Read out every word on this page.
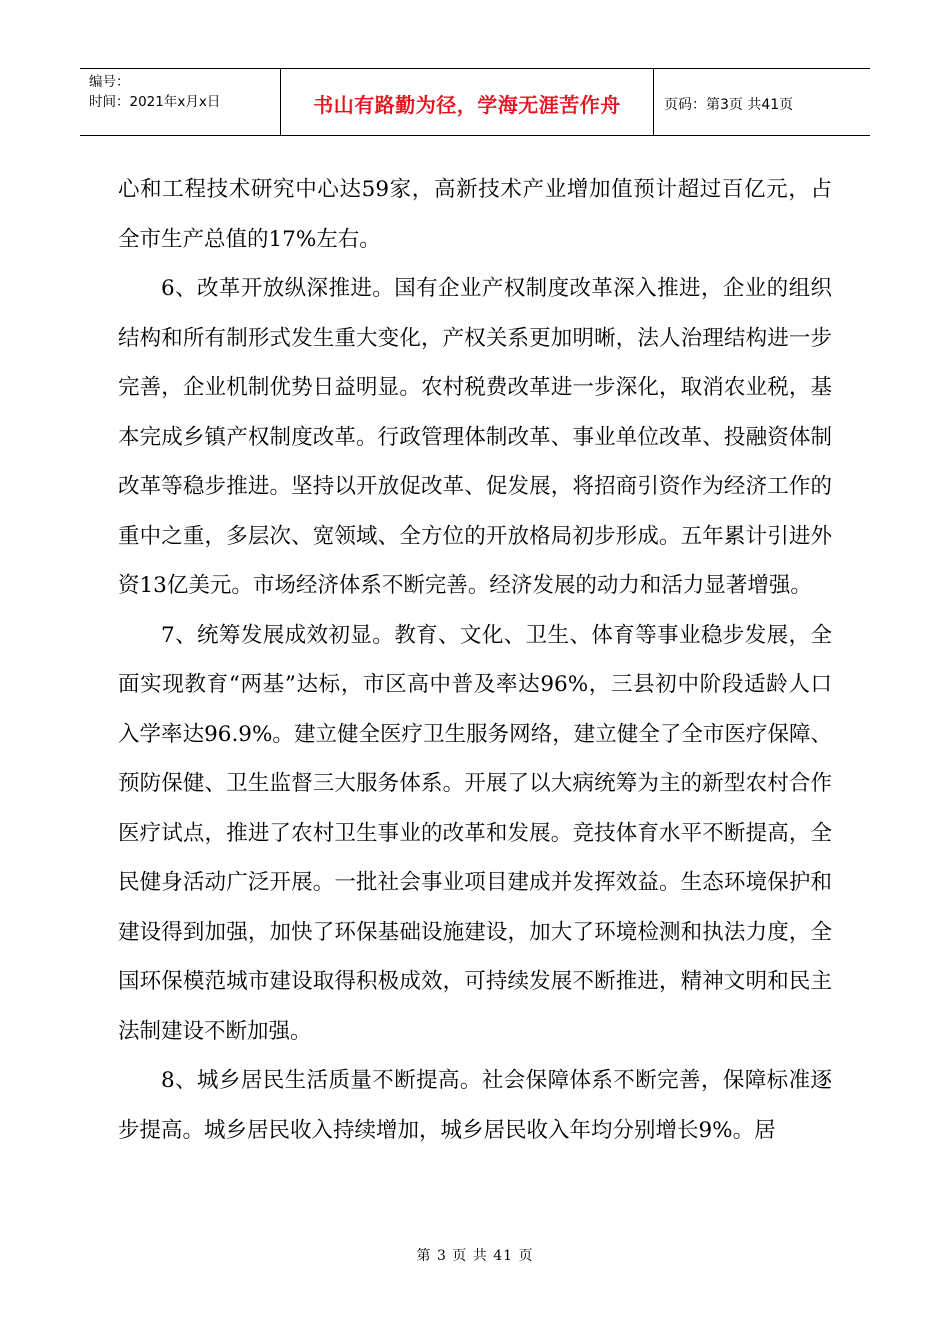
编号：
时间：2021年x月x日	书山有路勤为径，学海无涯苦作舟	页码：第3页 共41页

心和工程技术研究中心达59家，高新技术产业增加值预计超过百亿元，占全市生产总值的17%左右。

6、改革开放纵深推进。国有企业产权制度改革深入推进，企业的组织结构和所有制形式发生重大变化，产权关系更加明晰，法人治理结构进一步完善，企业机制优势日益明显。农村税费改革进一步深化，取消农业税，基本完成乡镇产权制度改革。行政管理体制改革、事业单位改革、投融资体制改革等稳步推进。坚持以开放促改革、促发展，将招商引资作为经济工作的重中之重，多层次、宽领域、全方位的开放格局初步形成。五年累计引进外资13亿美元。市场经济体系不断完善。经济发展的动力和活力显著增强。

7、统筹发展成效初显。教育、文化、卫生、体育等事业稳步发展，全面实现教育“两基”达标，市区高中普及率达96%，三县初中阶段适龄人口入学率达96.9%。建立健全医疗卫生服务网络，建立健全了全市医疗保障、预防保健、卫生监督三大服务体系。开展了以大病统筹为主的新型农村合作医疗试点，推进了农村卫生事业的改革和发展。竞技体育水平不断提高，全民健身活动广泛开展。一批社会事业项目建成并发挥效益。生态环境保护和建设得到加强，加快了环保基础设施建设，加大了环境检测和执法力度，全国环保模范城市建设取得积极成效，可持续发展不断推进，精神文明和民主法制建设不断加强。

8、城乡居民生活质量不断提高。社会保障体系不断完善，保障标准逐步提高。城乡居民收入持续增加，城乡居民收入年均分别增长9%。居

第 3 页 共 41 页
